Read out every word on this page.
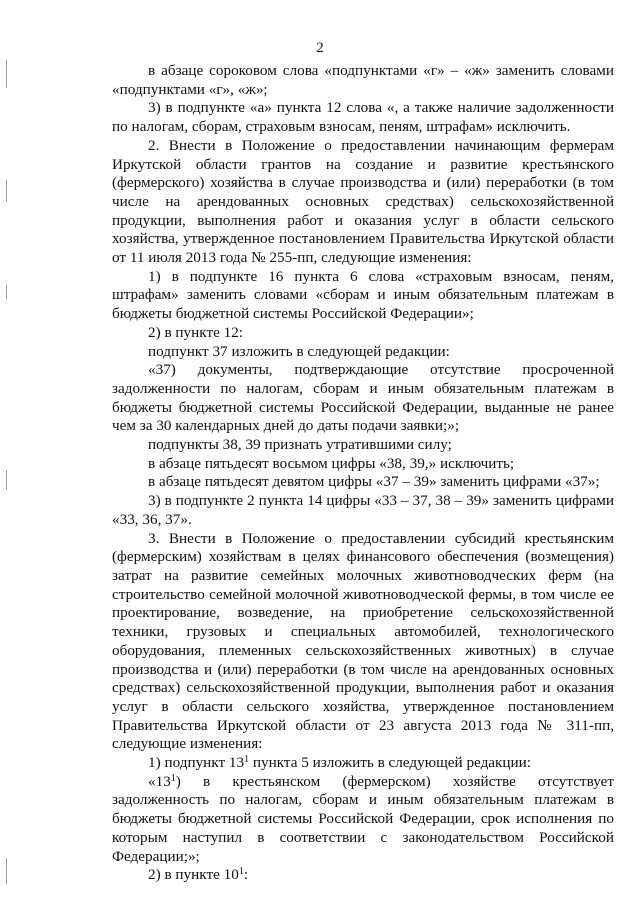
2

в абзаце сороковом слова «подпунктами «г» – «ж» заменить словами «подпунктами «г», «ж»;

3) в подпункте «а» пункта 12 слова «, а также наличие задолженности по налогам, сборам, страховым взносам, пеням, штрафам» исключить.

2. Внести в Положение о предоставлении начинающим фермерам Иркутской области грантов на создание и развитие крестьянского (фермерского) хозяйства в случае производства и (или) переработки (в том числе на арендованных основных средствах) сельскохозяйственной продукции, выполнения работ и оказания услуг в области сельского хозяйства, утвержденное постановлением Правительства Иркутской области от 11 июля 2013 года № 255-пп, следующие изменения:

1) в подпункте 16 пункта 6 слова «страховым взносам, пеням, штрафам» заменить словами «сборам и иным обязательным платежам в бюджеты бюджетной системы Российской Федерации»;

2) в пункте 12:

подпункт 37 изложить в следующей редакции:

«37) документы, подтверждающие отсутствие просроченной задолженности по налогам, сборам и иным обязательным платежам в бюджеты бюджетной системы Российской Федерации, выданные не ранее чем за 30 календарных дней до даты подачи заявки;»;

подпункты 38, 39 признать утратившими силу;

в абзаце пятьдесят восьмом цифры «38, 39,» исключить;

в абзаце пятьдесят девятом цифры «37 – 39» заменить цифрами «37»;

3) в подпункте 2 пункта 14 цифры «33 – 37, 38 – 39» заменить цифрами «33, 36, 37».

3. Внести в Положение о предоставлении субсидий крестьянским (фермерским) хозяйствам в целях финансового обеспечения (возмещения) затрат на развитие семейных молочных животноводческих ферм (на строительство семейной молочной животноводческой фермы, в том числе ее проектирование, возведение, на приобретение сельскохозяйственной техники, грузовых и специальных автомобилей, технологического оборудования, племенных сельскохозяйственных животных) в случае производства и (или) переработки (в том числе на арендованных основных средствах) сельскохозяйственной продукции, выполнения работ и оказания услуг в области сельского хозяйства, утвержденное постановлением Правительства Иркутской области от 23 августа 2013 года № 311-пп, следующие изменения:

1) подпункт $13^1$ пункта 5 изложить в следующей редакции:

«$13^1$) в крестьянском (фермерском) хозяйстве отсутствует задолженность по налогам, сборам и иным обязательным платежам в бюджеты бюджетной системы Российской Федерации, срок исполнения по которым наступил в соответствии с законодательством Российской Федерации;»;

2) в пункте $10^1$:
